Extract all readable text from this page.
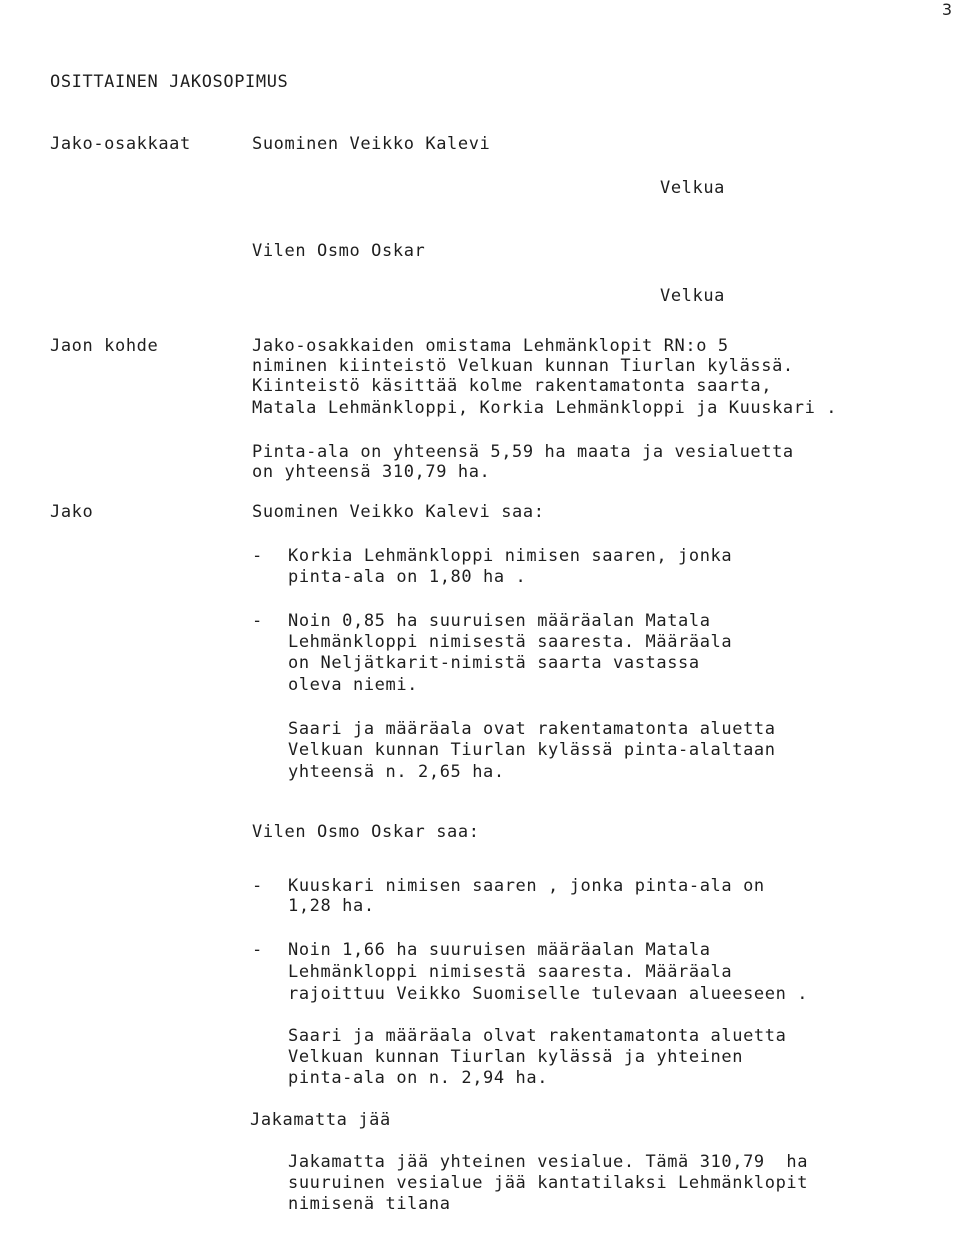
3
OSITTAINEN JAKOSOPIMUS
Jako-osakkaat	Suominen Veikko Kalevi
Velkua
Vilen Osmo Oskar
Velkua
Jaon kohde	Jako-osakkaiden omistama Lehmänklopit RN:o 5
niminen kiinteistö Velkuan kunnan Tiurlan kylässä.
Kiinteistö käsittää kolme rakentamatonta saarta,
Matala Lehmänkloppi, Korkia Lehmänkloppi ja Kuuskari .
Pinta-ala on yhteensä 5,59 ha maata ja vesialuetta
on yhteensä 310,79 ha.
Jako	Suominen Veikko Kalevi saa:
- Korkia Lehmänkloppi nimisen saaren, jonka
pinta-ala on 1,80 ha .
- Noin 0,85 ha suuruisen määräalan Matala
Lehmänkloppi nimisestä saaresta. Määräala
on Neljätkarit-nimistä saarta vastassa
oleva niemi.
Saari ja määräala ovat rakentamatonta aluetta
Velkuan kunnan Tiurlan kylässä pinta-alaltaan
yhteensä n. 2,65 ha.
Vilen Osmo Oskar saa:
- Kuuskari nimisen saaren , jonka pinta-ala on
1,28 ha.
- Noin 1,66 ha suuruisen määräalan Matala
Lehmänkloppi nimisestä saaresta. Määräala
rajoittuu Veikko Suomiselle tulevaan alueeseen .
Saari ja määräala olvat rakentamatonta aluetta
Velkuan kunnan Tiurlan kylässä ja yhteinen
pinta-ala on n. 2,94 ha.
Jakamatta jää
Jakamatta jää yhteinen vesialue. Tämä 310,79  ha
suuruinen vesialue jää kantatilaksi Lehmänklopit
nimisenä tilana
